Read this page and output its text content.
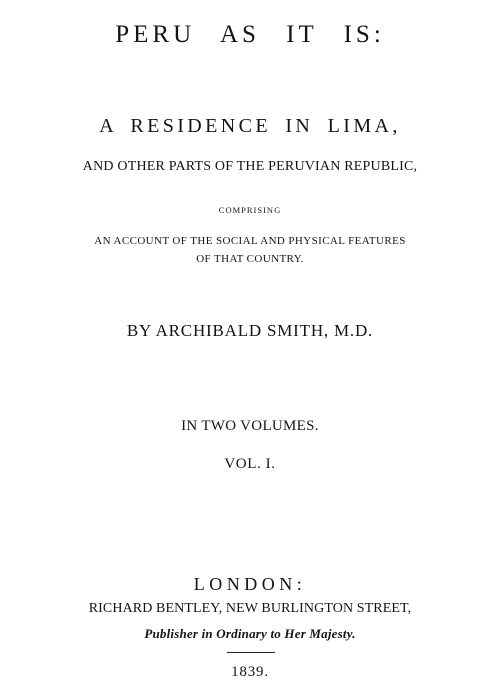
PERU AS IT IS:
A RESIDENCE IN LIMA,
AND OTHER PARTS OF THE PERUVIAN REPUBLIC,
COMPRISING
AN ACCOUNT OF THE SOCIAL AND PHYSICAL FEATURES
OF THAT COUNTRY.
BY ARCHIBALD SMITH, M.D.
IN TWO VOLUMES.
VOL. I.
LONDON:
RICHARD BENTLEY, NEW BURLINGTON STREET,
Publisher in Ordinary to Her Majesty.
1839.
